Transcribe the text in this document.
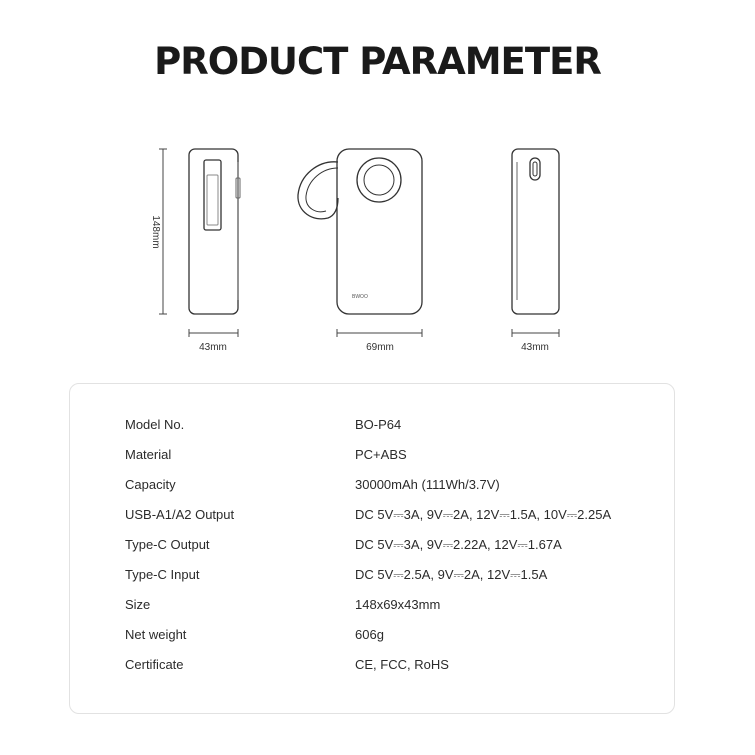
PRODUCT PARAMETER
148mm
43mm
BWOO
69mm	43mm
Model No.	BO-P64
Material	PC+ABS
Capacity	30000mAh (111Wh/3.7V)
USB-A1/A2 Output	DC 5V⎓3A, 9V⎓2A, 12V⎓1.5A, 10V⎓2.25A
Type-C Output	DC 5V⎓3A, 9V⎓2.22A, 12V⎓1.67A
Type-C Input	DC 5V⎓2.5A, 9V⎓2A, 12V⎓1.5A
Size	148x69x43mm
Net weight	606g
Certificate	CE, FCC, RoHS
